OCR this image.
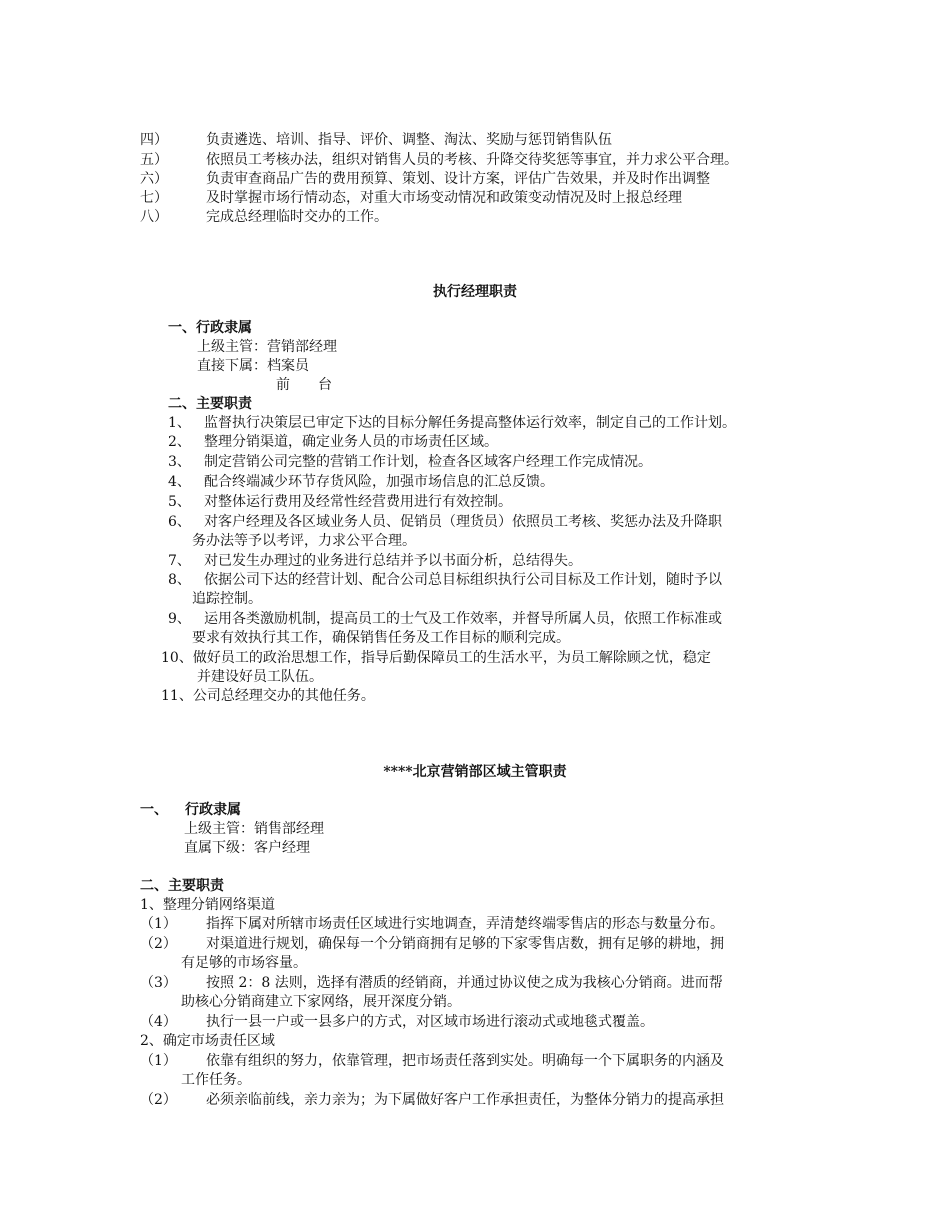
四）	负责遴选、培训、指导、评价、调整、淘汰、奖励与惩罚销售队伍
五）	依照员工考核办法，组织对销售人员的考核、升降交待奖惩等事宜，并力求公平合理。
六）	负责审查商品广告的费用预算、策划、设计方案，评估广告效果，并及时作出调整
七）	及时掌握市场行情动态，对重大市场变动情况和政策变动情况及时上报总经理
八）	完成总经理临时交办的工作。
执行经理职责
一、行政隶属
上级主管：营销部经理
直接下属：档案员
前　　台
二、主要职责
1、 监督执行决策层已审定下达的目标分解任务提高整体运行效率，制定自己的工作计划。
2、 整理分销渠道，确定业务人员的市场责任区域。
3、 制定营销公司完整的营销工作计划，检查各区域客户经理工作完成情况。
4、 配合终端减少环节存货风险，加强市场信息的汇总反馈。
5、 对整体运行费用及经常性经营费用进行有效控制。
6、 对客户经理及各区域业务人员、促销员（理货员）依照员工考核、奖惩办法及升降职
务办法等予以考评，力求公平合理。
7、 对已发生办理过的业务进行总结并予以书面分析，总结得失。
8、 依据公司下达的经营计划、配合公司总目标组织执行公司目标及工作计划，随时予以
追踪控制。
9、 运用各类激励机制，提高员工的士气及工作效率，并督导所属人员，依照工作标准或
要求有效执行其工作，确保销售任务及工作目标的顺利完成。
10、做好员工的政治思想工作，指导后勤保障员工的生活水平，为员工解除顾之忧，稳定
并建设好员工队伍。
11、公司总经理交办的其他任务。
****北京营销部区域主管职责
一、 行政隶属
上级主管：销售部经理
直属下级：客户经理
二、主要职责
1、整理分销网络渠道
（1） 指挥下属对所辖市场责任区域进行实地调查，弄清楚终端零售店的形态与数量分布。
（2） 对渠道进行规划，确保每一个分销商拥有足够的下家零售店数，拥有足够的耕地，拥
有足够的市场容量。
（3） 按照 2：8 法则，选择有潜质的经销商，并通过协议使之成为我核心分销商。进而帮
助核心分销商建立下家网络，展开深度分销。
（4） 执行一县一户或一县多户的方式，对区域市场进行滚动式或地毯式覆盖。
2、确定市场责任区域
（1） 依靠有组织的努力，依靠管理，把市场责任落到实处。明确每一个下属职务的内涵及
工作任务。
（2） 必须亲临前线，亲力亲为；为下属做好客户工作承担责任，为整体分销力的提高承担
